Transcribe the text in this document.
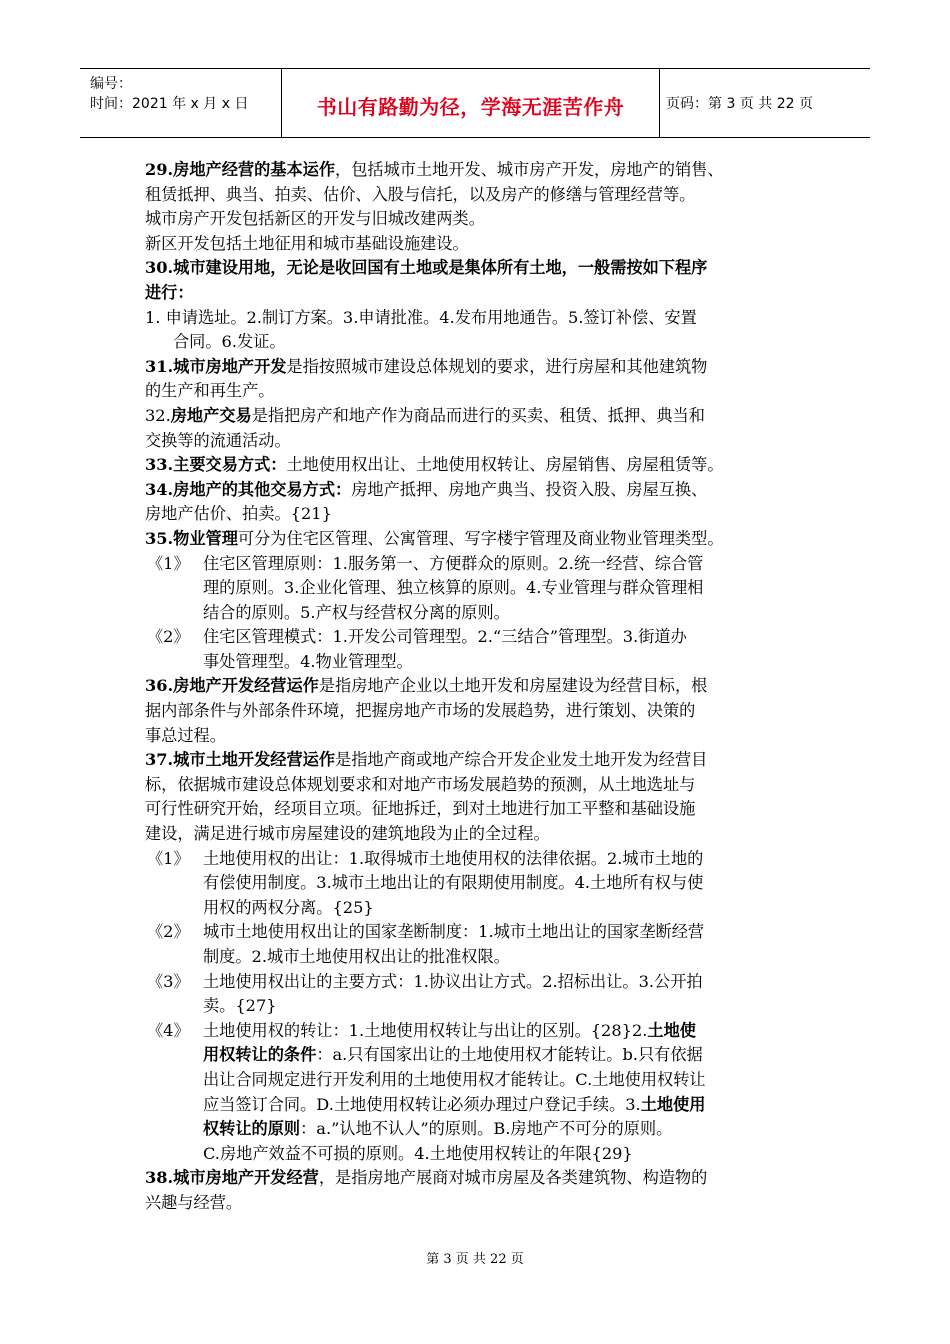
编号：
时间：2021 年 x 月 x 日	书山有路勤为径，学海无涯苦作舟	页码：第 3 页 共 22 页
29.房地产经营的基本运作，包括城市土地开发、城市房产开发，房地产的销售、
租赁抵押、典当、拍卖、估价、入股与信托，以及房产的修缮与管理经营等。
城市房产开发包括新区的开发与旧城改建两类。
新区开发包括土地征用和城市基础设施建设。
30.城市建设用地，无论是收回国有土地或是集体所有土地，一般需按如下程序
进行：
1. 申请选址。2.制订方案。3.申请批准。4.发布用地通告。5.签订补偿、安置
合同。6.发证。
31.城市房地产开发是指按照城市建设总体规划的要求，进行房屋和其他建筑物
的生产和再生产。
32.房地产交易是指把房产和地产作为商品而进行的买卖、租赁、抵押、典当和
交换等的流通活动。
33.主要交易方式：土地使用权出让、土地使用权转让、房屋销售、房屋租赁等。
34.房地产的其他交易方式：房地产抵押、房地产典当、投资入股、房屋互换、
房地产估价、拍卖。{21}
35.物业管理可分为住宅区管理、公寓管理、写字楼宇管理及商业物业管理类型。
《1》 住宅区管理原则：1.服务第一、方便群众的原则。2.统一经营、综合管
理的原则。3.企业化管理、独立核算的原则。4.专业管理与群众管理相
结合的原则。5.产权与经营权分离的原则。
《2》 住宅区管理模式：1.开发公司管理型。2.“三结合”管理型。3.街道办
事处管理型。4.物业管理型。
36.房地产开发经营运作是指房地产企业以土地开发和房屋建设为经营目标，根
据内部条件与外部条件环境，把握房地产市场的发展趋势，进行策划、决策的
事总过程。
37.城市土地开发经营运作是指地产商或地产综合开发企业发土地开发为经营目
标，依据城市建设总体规划要求和对地产市场发展趋势的预测，从土地选址与
可行性研究开始，经项目立项。征地拆迁，到对土地进行加工平整和基础设施
建设，满足进行城市房屋建设的建筑地段为止的全过程。
《1》 土地使用权的出让：1.取得城市土地使用权的法律依据。2.城市土地的
有偿使用制度。3.城市土地出让的有限期使用制度。4.土地所有权与使
用权的两权分离。{25}
《2》 城市土地使用权出让的国家垄断制度：1.城市土地出让的国家垄断经营
制度。2.城市土地使用权出让的批准权限。
《3》 土地使用权出让的主要方式：1.协议出让方式。2.招标出让。3.公开拍
卖。{27}
《4》 土地使用权的转让：1.土地使用权转让与出让的区别。{28}2.土地使
用权转让的条件：a.只有国家出让的土地使用权才能转让。b.只有依据
出让合同规定进行开发利用的土地使用权才能转让。C.土地使用权转让
应当签订合同。D.土地使用权转让必须办理过户登记手续。3.土地使用
权转让的原则：a.”认地不认人”的原则。B.房地产不可分的原则。
C.房地产效益不可损的原则。4.土地使用权转让的年限{29}
38.城市房地产开发经营，是指房地产展商对城市房屋及各类建筑物、构造物的
兴趣与经营。
第 3 页 共 22 页
